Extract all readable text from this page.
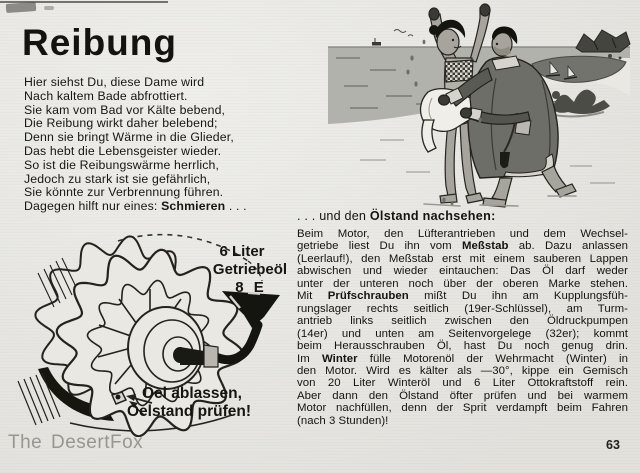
Reibung
Hier siehst Du, diese Dame wird
Nach kaltem Bade abfrottiert.
Sie kam vom Bad vor Kälte bebend,
Die Reibung wirkt daher belebend;
Denn sie bringt Wärme in die Glieder,
Das hebt die Lebensgeister wieder.
So ist die Reibungswärme herrlich,
Jedoch zu stark ist sie gefährlich,
Sie könnte zur Verbrennung führen.
Dagegen hilft nur eines: Schmieren . . .
. . . und den Ölstand nachsehen:
Beim Motor, den Lüfterantrieben und dem Wechsel-
getriebe liest Du ihn vom Meßstab ab. Dazu anlassen
(Leerlauf!), den Meßstab erst mit einem sauberen Lappen
abwischen und wieder eintauchen: Das Öl darf weder
unter der unteren noch über der oberen Marke stehen.
Mit Prüfschrauben mißt Du ihn am Kupplungsfüh-
rungslager rechts seitlich (19er-Schlüssel), am Turm-
antrieb links seitlich zwischen den Öldruckpumpen
(14er) und unten am Seitenvorgelege (32er); kommt
beim Herausschrauben Öl, hast Du noch genug drin.
Im Winter fülle Motorenöl der Wehrmacht (Winter) in
den Motor. Wird es kälter als —30°, kippe ein Gemisch
von 20 Liter Winteröl und 6 Liter Ottokraftstoff rein.
Aber dann den Ölstand öfter prüfen und bei warmem
Motor nachfüllen, denn der Sprit verdampft beim Fahren
(nach 3 Stunden)!
6 Liter
Getriebeöl
8 E
Oel ablassen,
Oelstand prüfen!
The DesertFox	63
